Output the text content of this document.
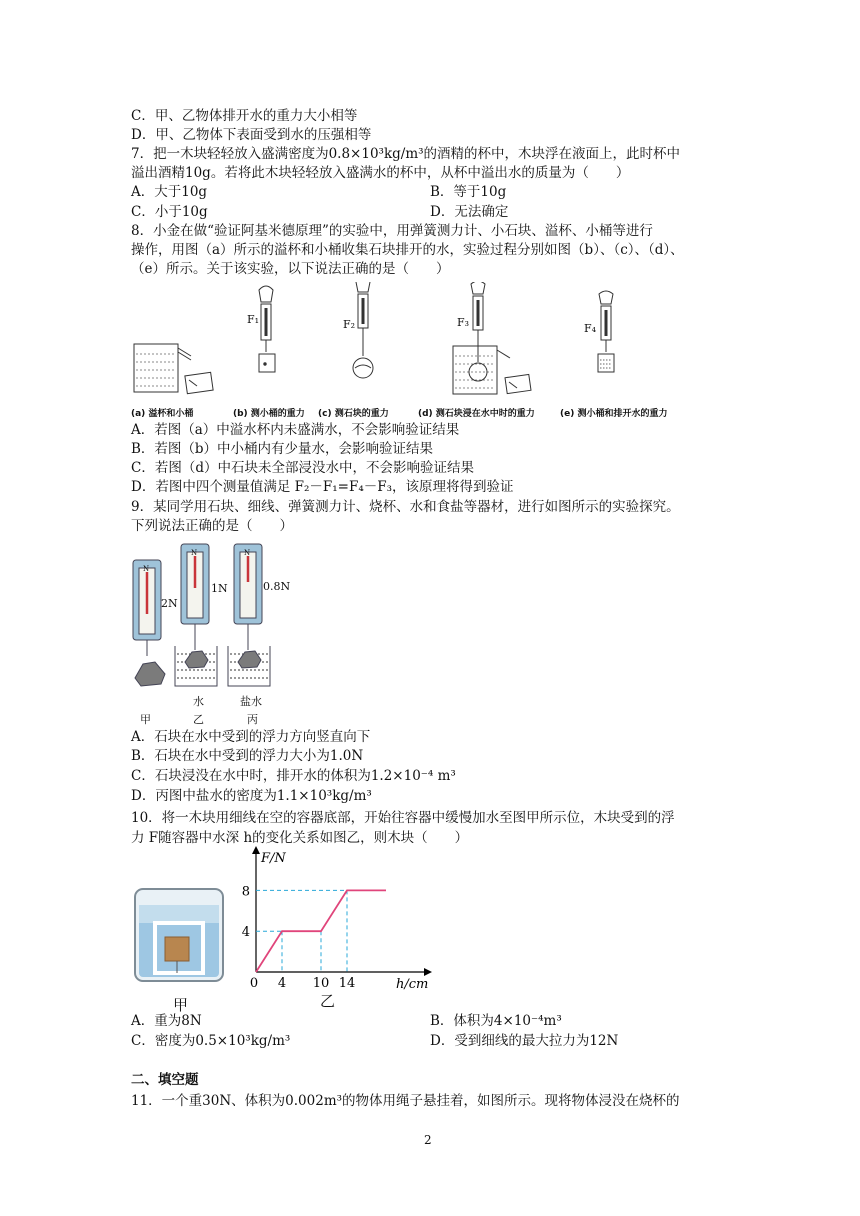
C．甲、乙物体排开水的重力大小相等
D．甲、乙物体下表面受到水的压强相等
7．把一木块轻轻放入盛满密度为0.8×10³kg/m³的酒精的杯中，木块浮在液面上，此时杯中
溢出酒精10g。若将此木块轻轻放入盛满水的杯中，从杯中溢出水的质量为（　　）
A．大于10g	B．等于10g
C．小于10g	D．无法确定
8．小金在做“验证阿基米德原理”的实验中，用弹簧测力计、小石块、溢杯、小桶等进行
操作，用图（a）所示的溢杯和小桶收集石块排开的水，实验过程分别如图（b）、（c）、（d）、
（e）所示。关于该实验，以下说法正确的是（　　）
F₁	F₂	F₃	F₄
(a) 溢杯和小桶	(b) 测小桶的重力 (c) 测石块的重力	(d) 测石块浸在水中时的重力	(e) 测小桶和排开水的重力
A．若图（a）中溢水杯内未盛满水，不会影响验证结果
B．若图（b）中小桶内有少量水，会影响验证结果
C．若图（d）中石块未全部浸没水中，不会影响验证结果
D．若图中四个测量值满足 F₂－F₁=F₄－F₃，该原理将得到验证
9．某同学用石块、细线、弹簧测力计、烧杯、水和食盐等器材，进行如图所示的实验探究。
下列说法正确的是（　　）
N
N	N
2N
1N	0.8N
水	盐水
甲	乙	丙
A．石块在水中受到的浮力方向竖直向下
B．石块在水中受到的浮力大小为1.0N
C．石块浸没在水中时，排开水的体积为1.2×10⁻⁴ m³
D．丙图中盐水的密度为1.1×10³kg/m³
10．将一木块用细线在空的容器底部，开始往容器中缓慢加水至图甲所示位，木块受到的浮
力 F随容器中水深 h的变化关系如图乙，则木块（　　）
甲
4 10 14
4
8
0
F/N
h/cm
乙
A．重为8N	B．体积为4×10⁻⁴m³
C．密度为0.5×10³kg/m³	D．受到细线的最大拉力为12N
二、填空题
11．一个重30N、体积为0.002m³的物体用绳子悬挂着，如图所示。现将物体浸没在烧杯的
2
